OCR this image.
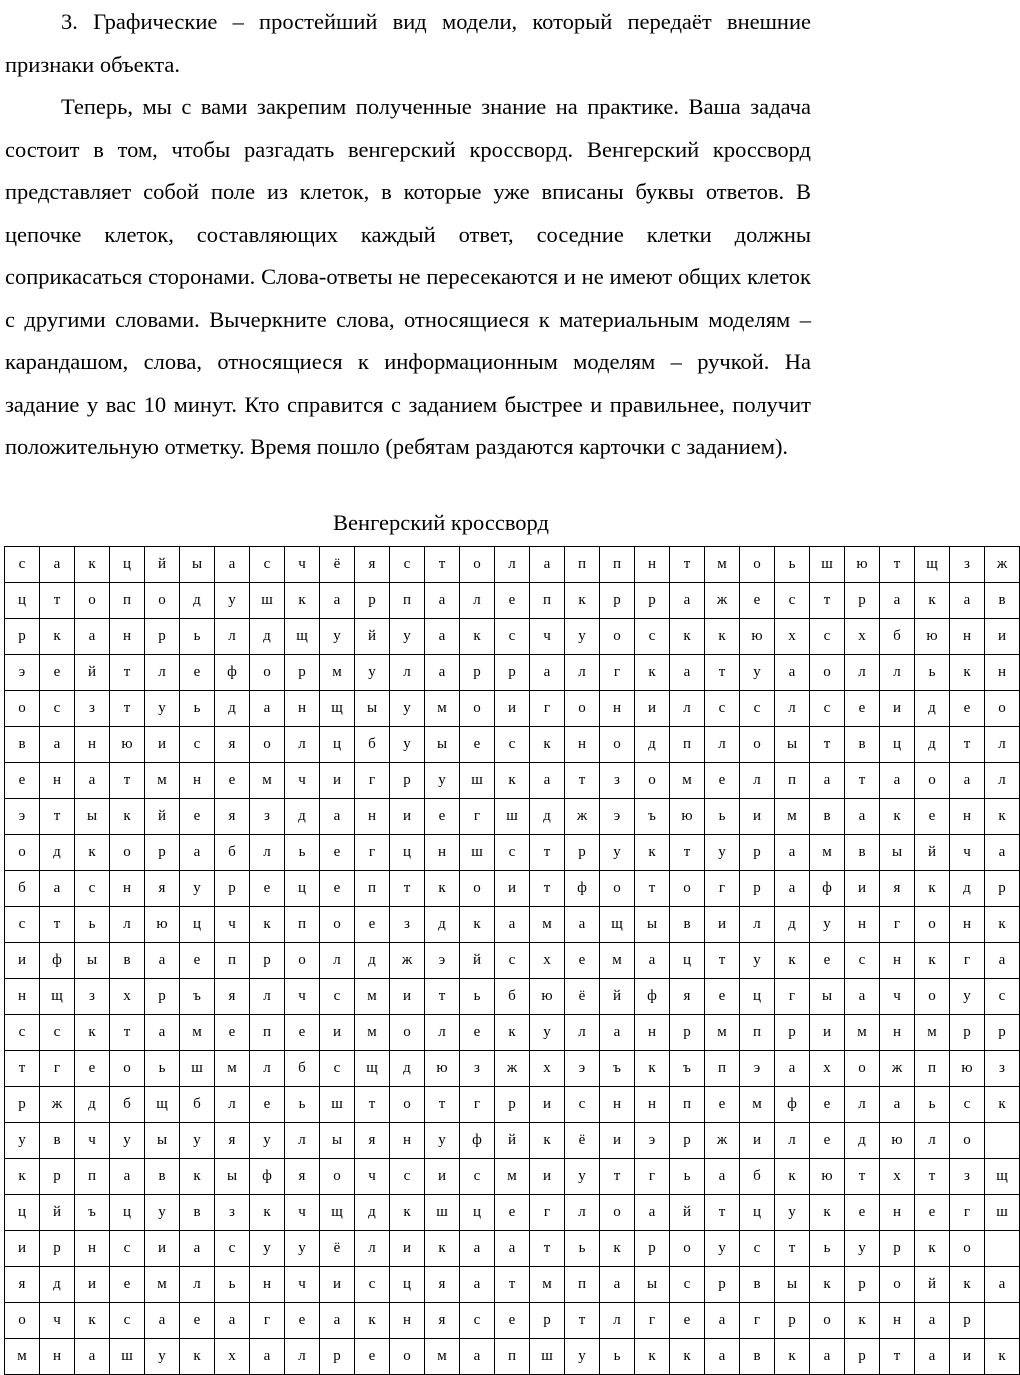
3. Графические – простейший вид модели, который передаёт внешние признаки объекта.

Теперь, мы с вами закрепим полученные знание на практике. Ваша задача состоит в том, чтобы разгадать венгерский кроссворд. Венгерский кроссворд представляет собой поле из клеток, в которые уже вписаны буквы ответов. В цепочке клеток, составляющих каждый ответ, соседние клетки должны соприкасаться сторонами. Слова-ответы не пересекаются и не имеют общих клеток с другими словами. Вычеркните слова, относящиеся к материальным моделям – карандашом, слова, относящиеся к информационным моделям – ручкой. На задание у вас 10 минут. Кто справится с заданием быстрее и правильнее, получит положительную отметку. Время пошло (ребятам раздаются карточки с заданием).

Венгерский кроссворд

с	а	к	ц	й	ы	а	с	ч	ё	я	с	т	о	л	а	п	п	н	т	м	о	ь	ш	ю	т	щ	з	ж
ц	т	о	п	о	д	у	ш	к	а	р	п	а	л	е	п	к	р	р	а	ж	е	с	т	р	а	к	а	в
р	к	а	н	р	ь	л	д	щ	у	й	у	а	к	с	ч	у	о	с	к	к	ю	х	с	х	б	ю	н	и
э	е	й	т	л	е	ф	о	р	м	у	л	а	р	р	а	л	г	к	а	т	у	а	о	л	л	ь	к	н
о	с	з	т	у	ь	д	а	н	щ	ы	у	м	о	и	г	о	н	и	л	с	с	л	с	е	и	д	е	о
в	а	н	ю	и	с	я	о	л	ц	б	у	ы	е	с	к	н	о	д	п	л	о	ы	т	в	ц	д	т	л
е	н	а	т	м	н	е	м	ч	и	г	р	у	ш	к	а	т	з	о	м	е	л	п	а	т	а	о	а	л
э	т	ы	к	й	е	я	з	д	а	н	и	е	г	ш	д	ж	э	ъ	ю	ь	и	м	в	а	к	е	н	к
о	д	к	о	р	а	б	л	ь	е	г	ц	н	ш	с	т	р	у	к	т	у	р	а	м	в	ы	й	ч	а
б	а	с	н	я	у	р	е	ц	е	п	т	к	о	и	т	ф	о	т	о	г	р	а	ф	и	я	к	д	р
с	т	ь	л	ю	ц	ч	к	п	о	е	з	д	к	а	м	а	щ	ы	в	и	л	д	у	н	г	о	н	к
и	ф	ы	в	а	е	п	р	о	л	д	ж	э	й	с	х	е	м	а	ц	т	у	к	е	с	н	к	г	а
н	щ	з	х	р	ъ	я	л	ч	с	м	и	т	ь	б	ю	ё	й	ф	я	е	ц	г	ы	а	ч	о	у	с
с	с	к	т	а	м	е	п	е	и	м	о	л	е	к	у	л	а	н	р	м	п	р	и	м	н	м	р	р
т	г	е	о	ь	ш	м	л	б	с	щ	д	ю	з	ж	х	э	ъ	к	ъ	п	э	а	х	о	ж	п	ю	з
р	ж	д	б	щ	б	л	е	ь	ш	т	о	т	г	р	и	с	н	н	п	е	м	ф	е	л	а	ь	с	к
у	в	ч	у	ы	у	я	у	л	ы	я	н	у	ф	й	к	ё	и	э	р	ж	и	л	е	д	ю	л	о	
к	р	п	а	в	к	ы	ф	я	о	ч	с	и	с	м	и	у	т	г	ь	а	б	к	ю	т	х	т	з	щ
ц	й	ъ	ц	у	в	з	к	ч	щ	д	к	ш	ц	е	г	л	о	а	й	т	ц	у	к	е	н	е	г	ш
и	р	н	с	и	а	с	у	у	ё	л	и	к	а	а	т	ь	к	р	о	у	с	т	ь	у	р	к	о	
я	д	и	е	м	л	ь	н	ч	и	с	ц	я	а	т	м	п	а	ы	с	р	в	ы	к	р	о	й	к	а
о	ч	к	с	а	е	а	г	е	а	к	н	я	с	е	р	т	л	г	е	а	г	р	о	к	н	а	р	
м	н	а	ш	у	к	х	а	л	р	е	о	м	а	п	ш	у	ь	к	к	а	в	к	а	р	т	а	и	к
